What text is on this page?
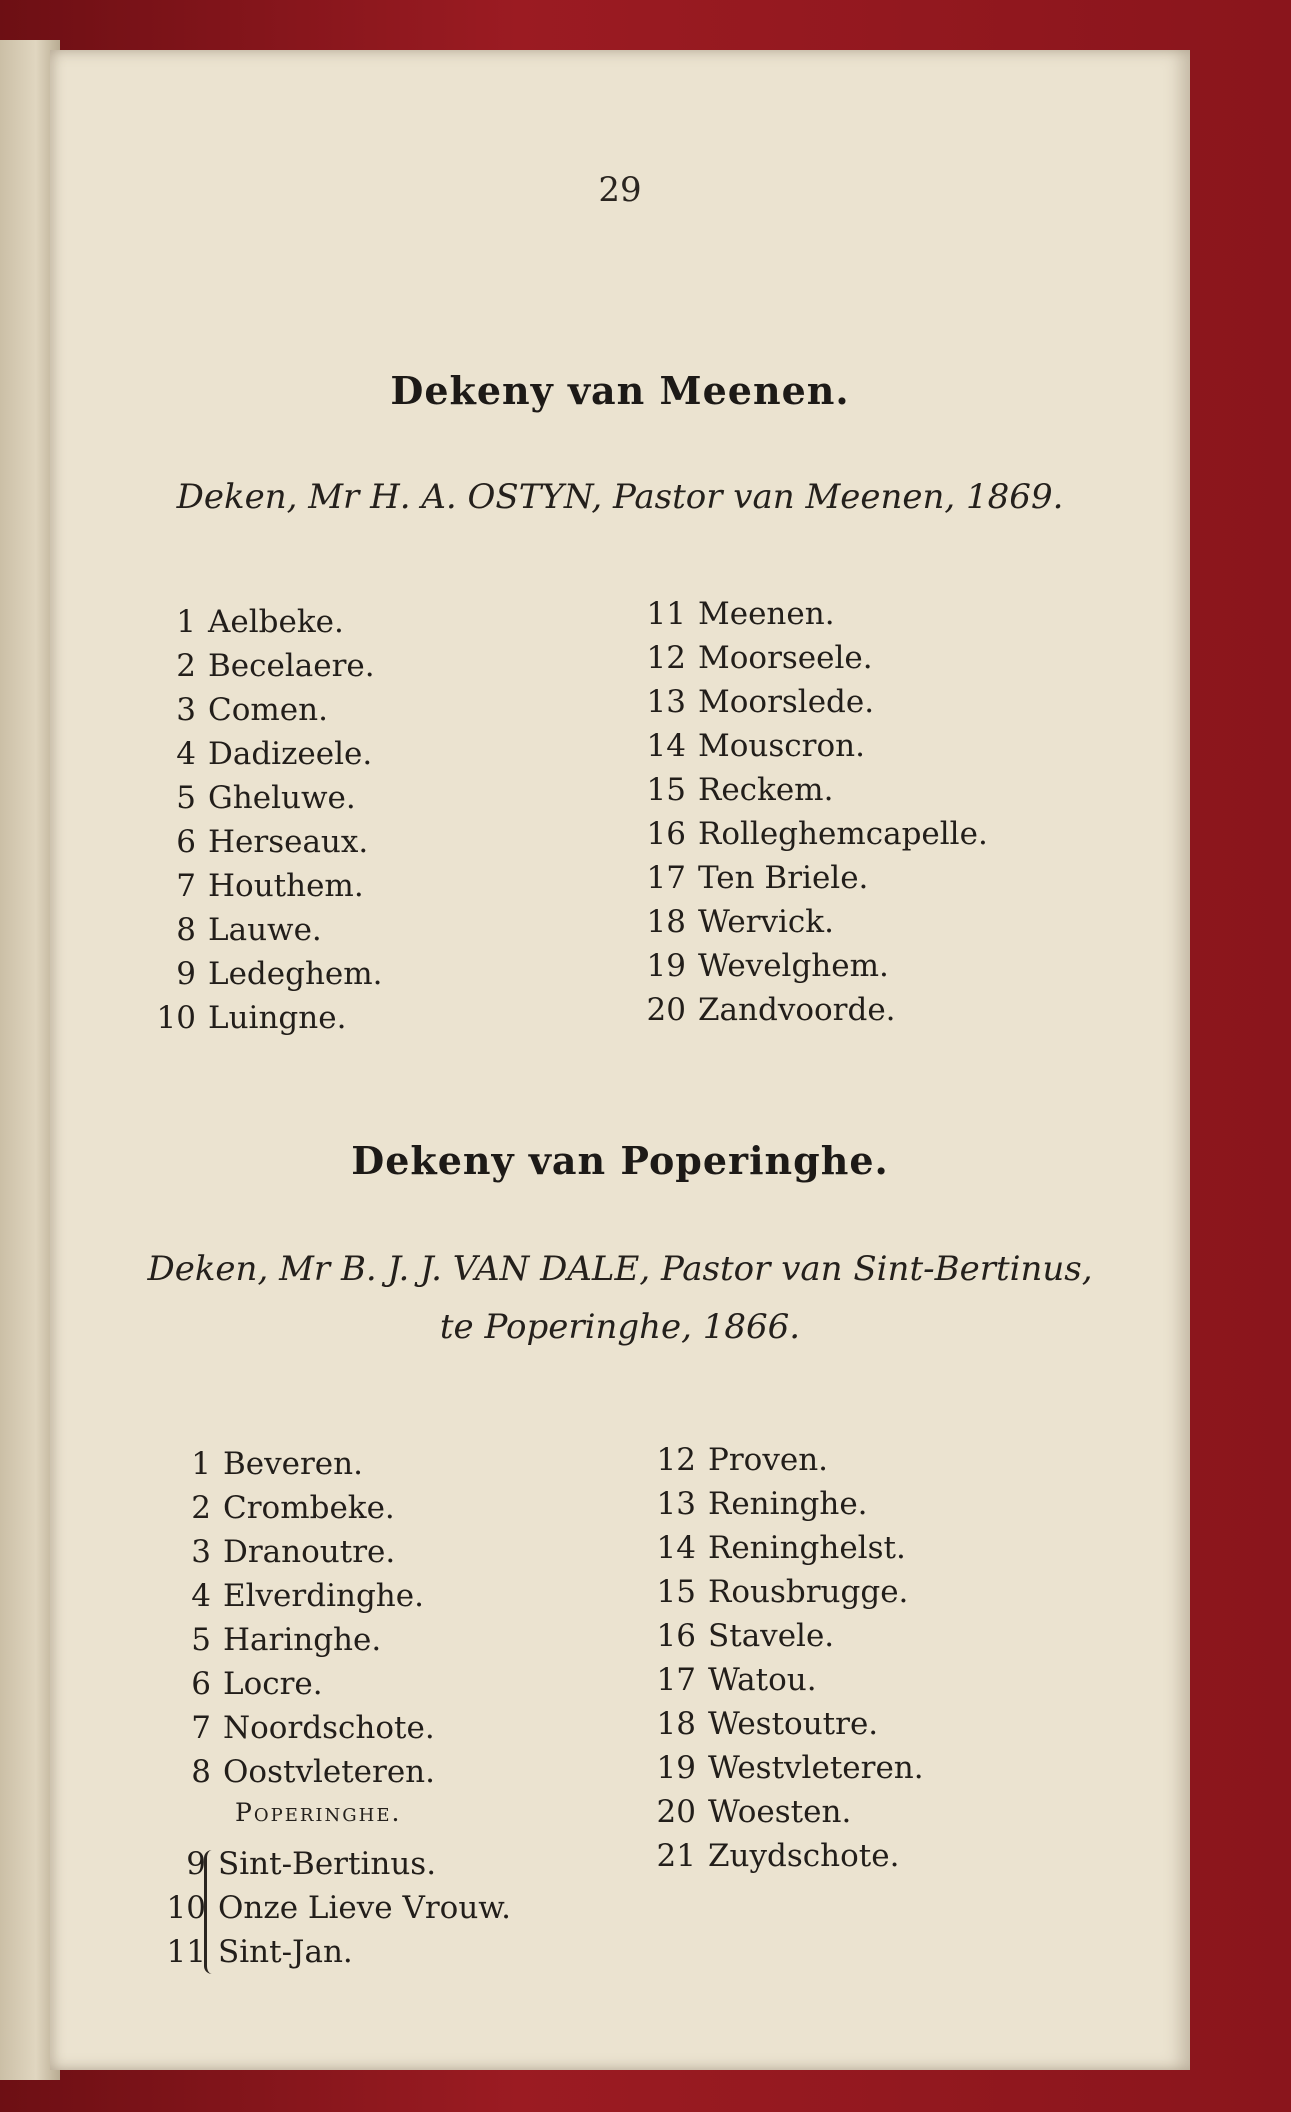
29
Dekeny van Meenen.
Deken, Mr H. A. OSTYN, Pastor van Meenen, 1869.
1 Aelbeke.
2 Becelaere.
3 Comen.
4 Dadizeele.
5 Gheluwe.
6 Herseaux.
7 Houthem.
8 Lauwe.
9 Ledeghem.
10 Luingne.
11 Meenen.
12 Moorseele.
13 Moorslede.
14 Mouscron.
15 Reckem.
16 Rolleghemcapelle.
17 Ten Briele.
18 Wervick.
19 Wevelghem.
20 Zandvoorde.
Dekeny van Poperinghe.
Deken, Mr B. J. J. VAN DALE, Pastor van Sint-Bertinus,
te Poperinghe, 1866.
1 Beveren.
2 Crombeke.
3 Dranoutre.
4 Elverdinghe.
5 Haringhe.
6 Locre.
7 Noordschote.
8 Oostvleteren.
Poperinghe.
9 Sint-Bertinus.
10 Onze Lieve Vrouw.
11 Sint-Jan.
12 Proven.
13 Reninghe.
14 Reninghelst.
15 Rousbrugge.
16 Stavele.
17 Watou.
18 Westoutre.
19 Westvleteren.
20 Woesten.
21 Zuydschote.
